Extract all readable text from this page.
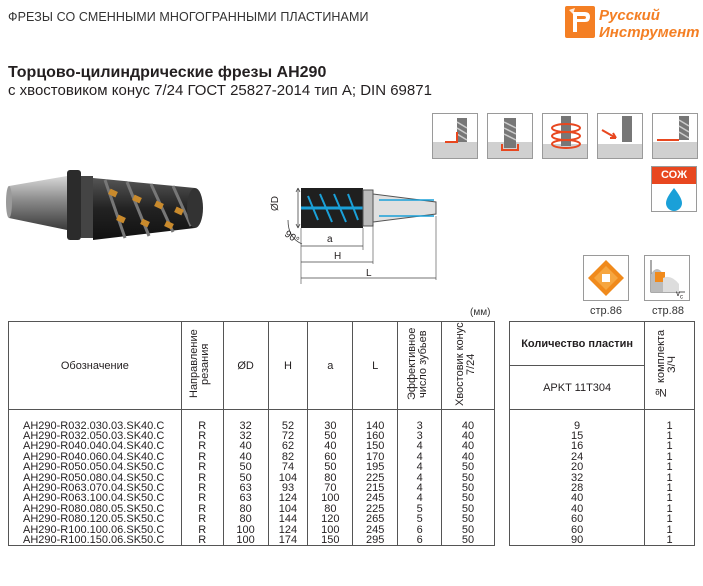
ФРЕЗЫ СО СМЕННЫМИ МНОГОГРАННЫМИ ПЛАСТИНАМИ	Русский
Инструмент
Торцово-цилиндрические фрезы AH290
с хвостовиком конус 7/24 ГОСТ 25827-2014 тип А; DIN 69871
ØD
90°	a
H
L
СОЖ
стр.86
$v_c$
стр.88
(мм)
Обозначение	Направление резания	ØD	H	a	L	Эффективное число зубьев	Хвостовик конус 7/24

AH290-R032.030.03.SK40.C	R	32	52	30	140	3	40
AH290-R032.050.03.SK40.C	R	32	72	50	160	3	40
AH290-R040.040.04.SK40.C	R	40	62	40	150	4	40
AH290-R040.060.04.SK40.C	R	40	82	60	170	4	40
AH290-R050.050.04.SK50.C	R	50	74	50	195	4	50
AH290-R050.080.04.SK50.C	R	50	104	80	225	4	50
AH290-R063.070.04.SK50.C	R	63	93	70	215	4	50
AH290-R063.100.04.SK50.C	R	63	124	100	245	4	50
AH290-R080.080.05.SK50.C	R	80	104	80	225	5	50
AH290-R080.120.05.SK50.C	R	80	144	120	265	5	50
AH290-R100.100.06.SK50.C	R	100	124	100	245	6	50
AH290-R100.150.06.SK50.C	R	100	174	150	295	6	50
Количество пластин	№ комплекта З/Ч
APKT 11T304	

9	1
15	1
16	1
24	1
20	1
32	1
28	1
40	1
40	1
60	1
60	1
90	1
